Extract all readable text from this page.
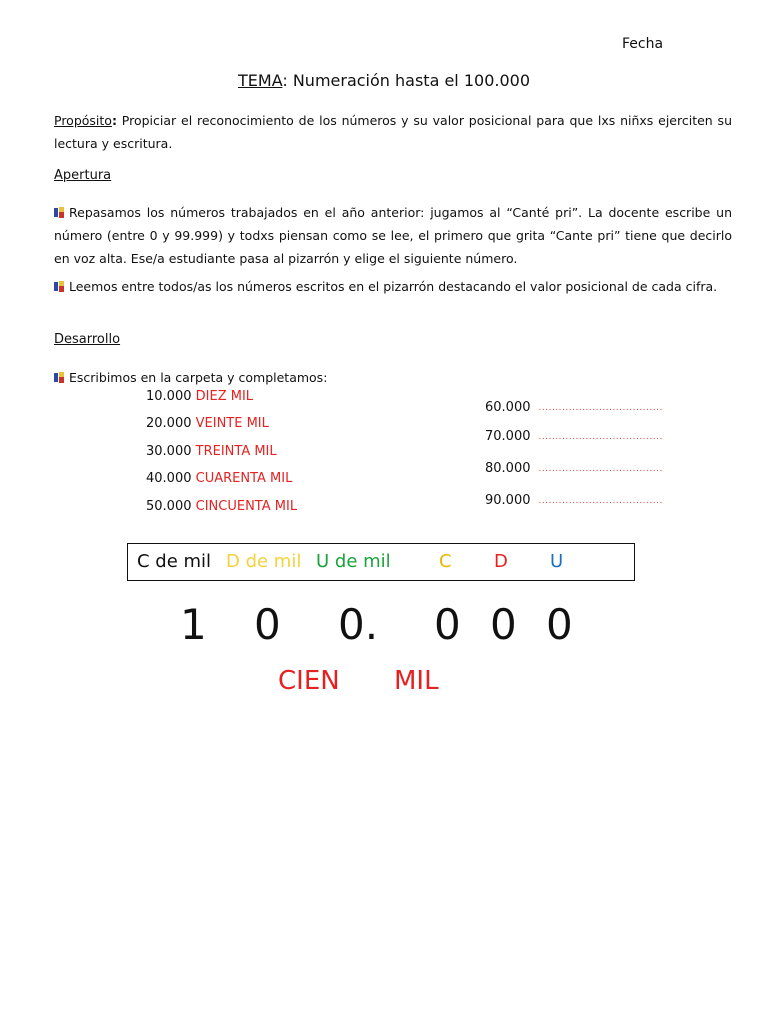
Fecha
TEMA: Numeración hasta el 100.000
Propósito: Propiciar el reconocimiento de los números y su valor posicional para que lxs niñxs ejerciten su lectura y escritura.
Apertura
Repasamos los números trabajados en el año anterior: jugamos al “Canté pri”. La docente escribe un número (entre 0 y 99.999) y todxs piensan como se lee, el primero que grita “Cante pri” tiene que decirlo en voz alta. Ese/a estudiante pasa al pizarrón y elige el siguiente número.
Leemos entre todos/as los números escritos en el pizarrón destacando el valor posicional de cada cifra.
Desarrollo
Escribimos en la carpeta y completamos:
10.000 DIEZ MIL
20.000 VEINTE MIL
30.000 TREINTA MIL
40.000 CUARENTA MIL
50.000 CINCUENTA MIL
60.000 .....................................
70.000 .....................................
80.000 .....................................
90.000 .....................................
C de mil D de mil U de mil	C D U
1 0 0. 0 0 0
CIEN MIL
